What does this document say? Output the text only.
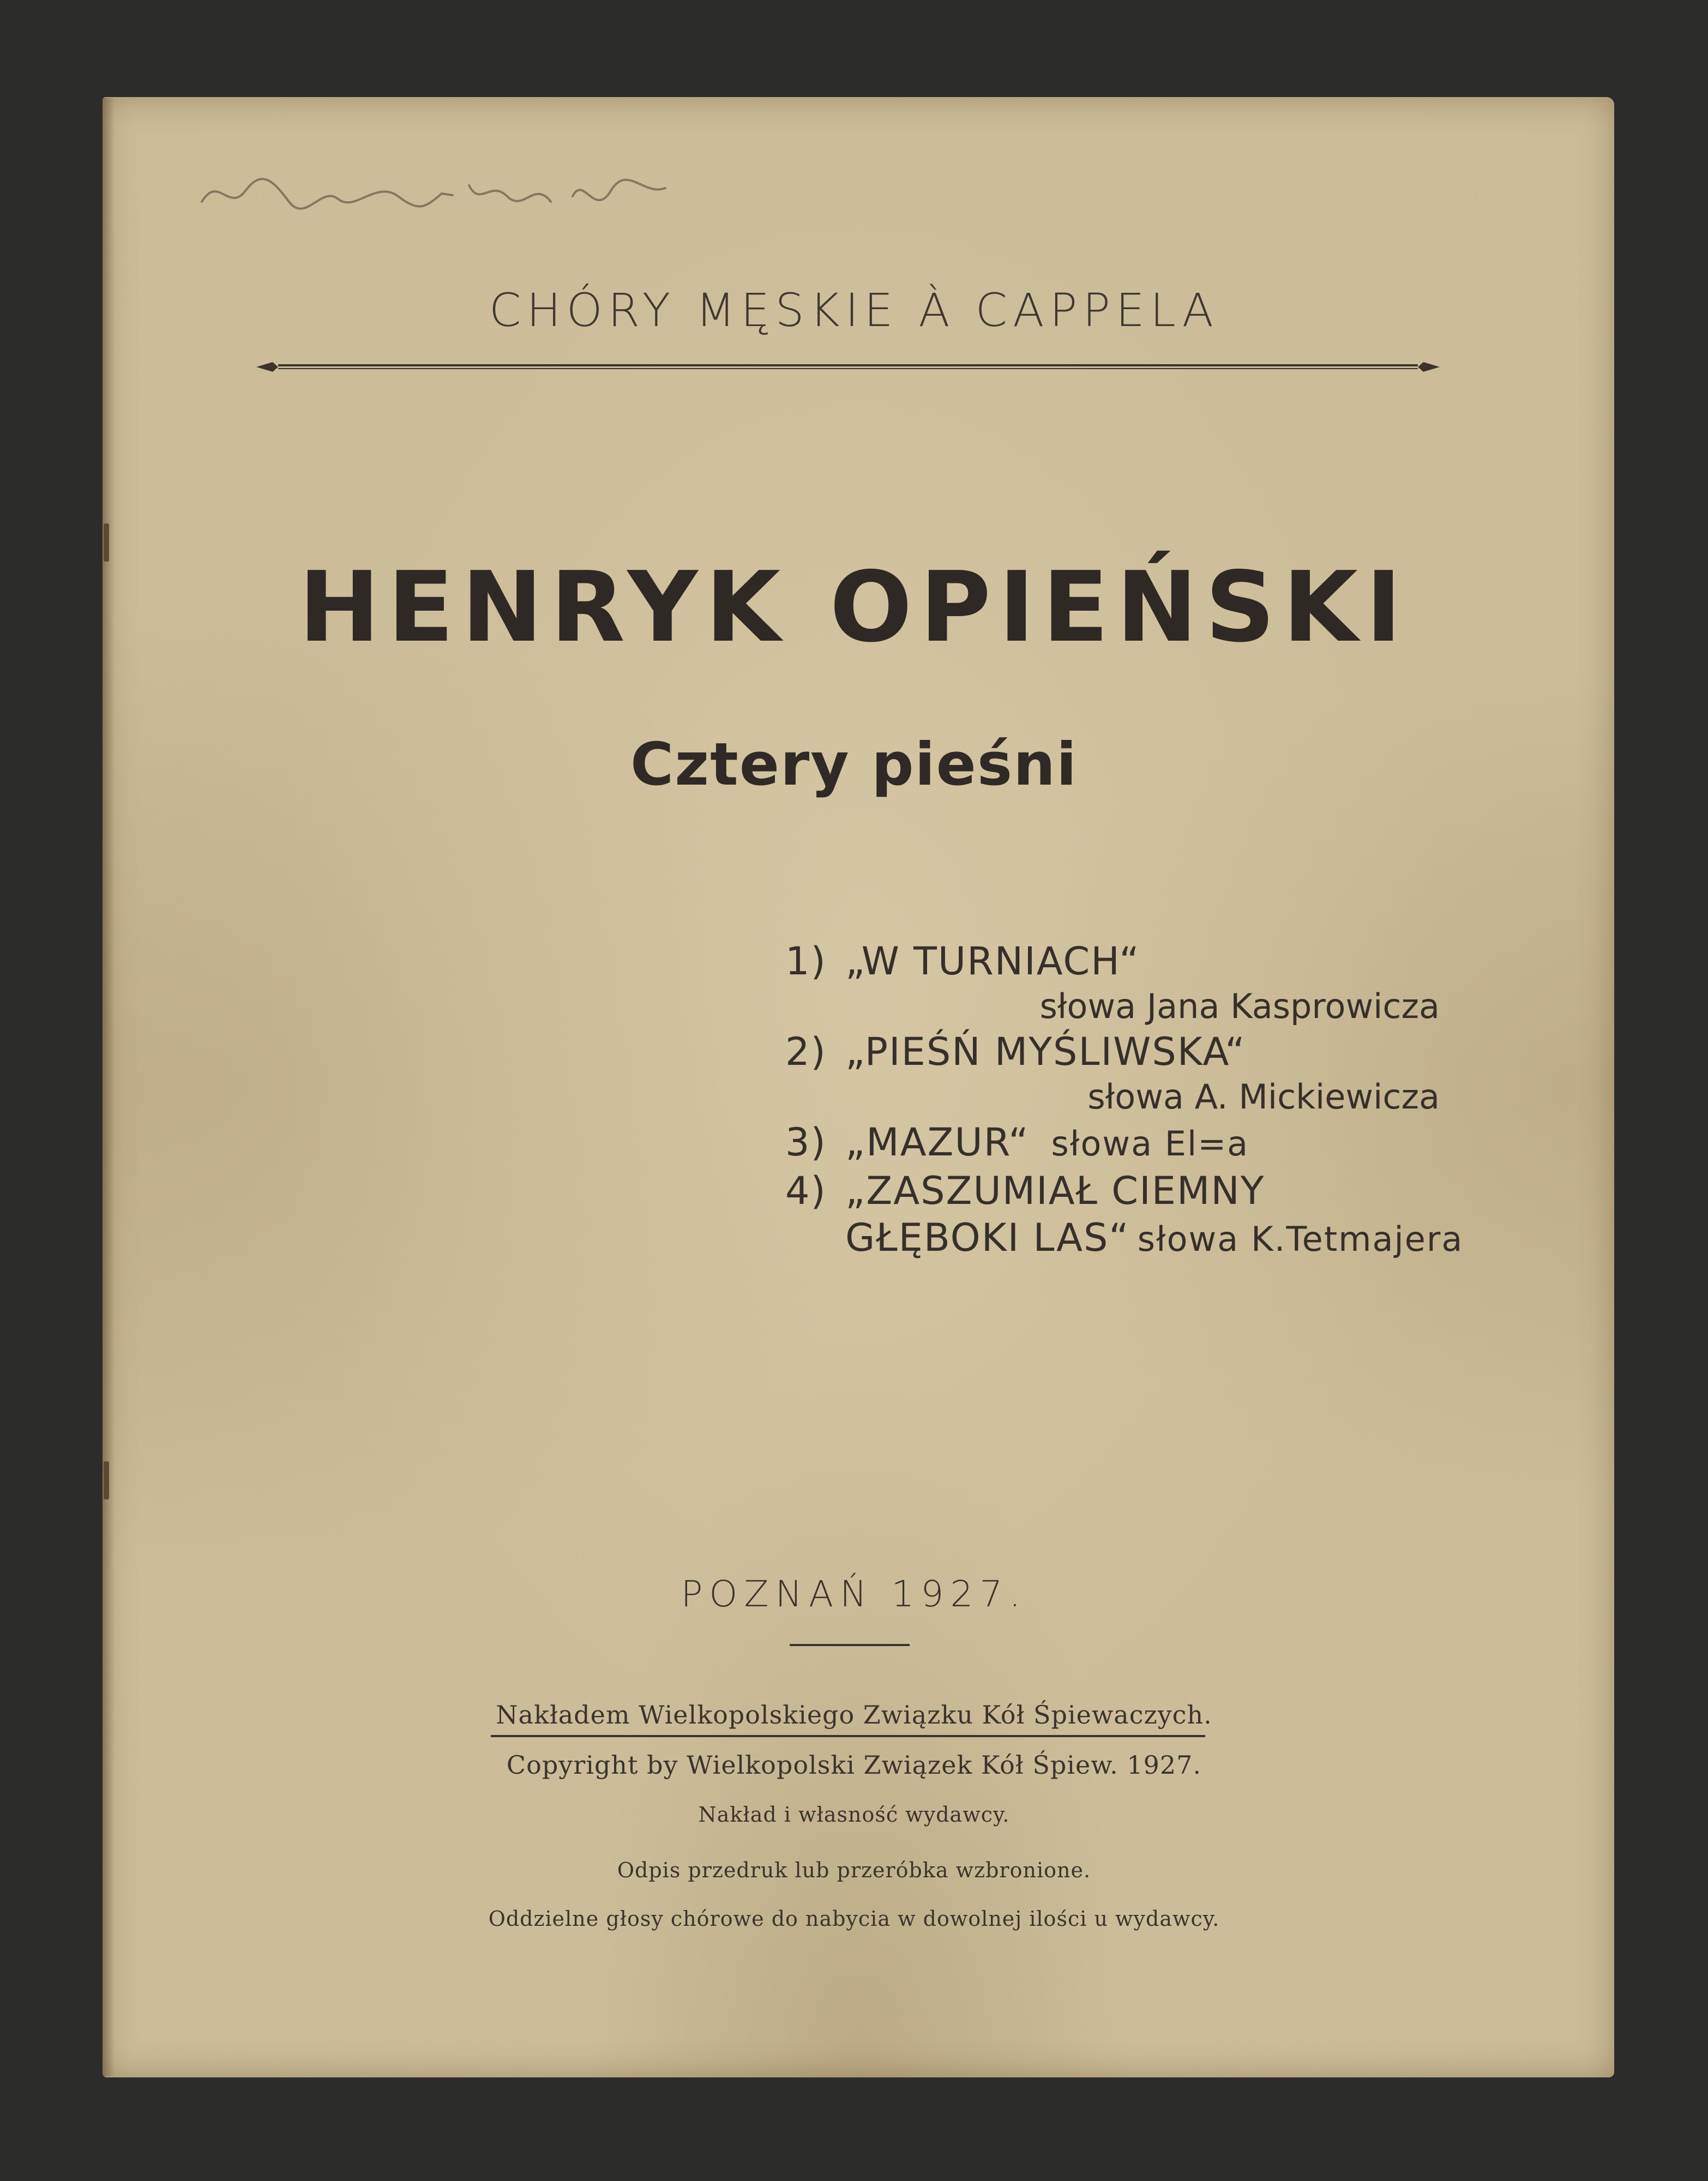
CHÓRY MĘSKIE À CAPPELA
HENRYK OPIEŃSKI
Cztery pieśni
1) „W TURNIACH“
słowa Jana Kasprowicza
2) „PIEŚŃ MYŚLIWSKA“
słowa A. Mickiewicza
3) „MAZUR“ słowa El=a
4) „ZASZUMIAŁ CIEMNY
GŁĘBOKI LAS“ słowa K.Tetmajera
POZNAŃ 1927.
Nakładem Wielkopolskiego Związku Kół Śpiewaczych.
Copyright by Wielkopolski Związek Kół Śpiew. 1927.
Nakład i własność wydawcy.
Odpis przedruk lub przeróbka wzbronione.
Oddzielne głosy chórowe do nabycia w dowolnej ilości u wydawcy.
